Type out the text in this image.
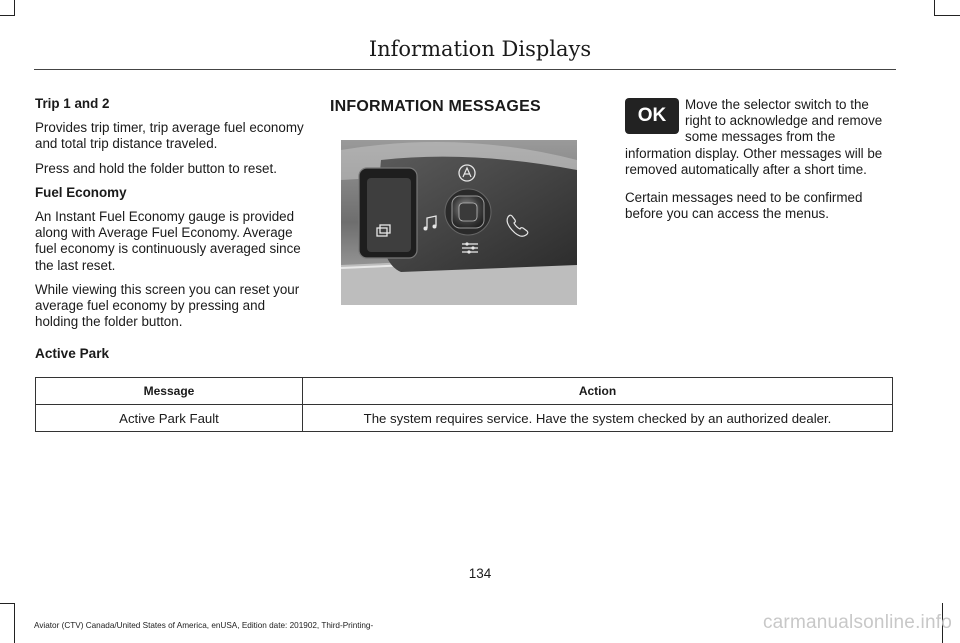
Information Displays

Trip 1 and 2

Provides trip timer, trip average fuel economy and total trip distance traveled.

Press and hold the folder button to reset.

Fuel Economy

An Instant Fuel Economy gauge is provided along with Average Fuel Economy. Average fuel economy is continuously averaged since the last reset.

While viewing this screen you can reset your average fuel economy by pressing and holding the folder button.

INFORMATION MESSAGES	OK
Move the selector switch to the right to acknowledge and remove some messages from the
information display. Other messages will be removed automatically after a short time.
Certain messages need to be confirmed before you can access the menus.
Active Park
Message	Action
Active Park Fault	The system requires service. Have the system checked by an authorized dealer.
134
Aviator (CTV) Canada/United States of America, enUSA, Edition date: 201902, Third-Printing-	carmanualsonline.info
